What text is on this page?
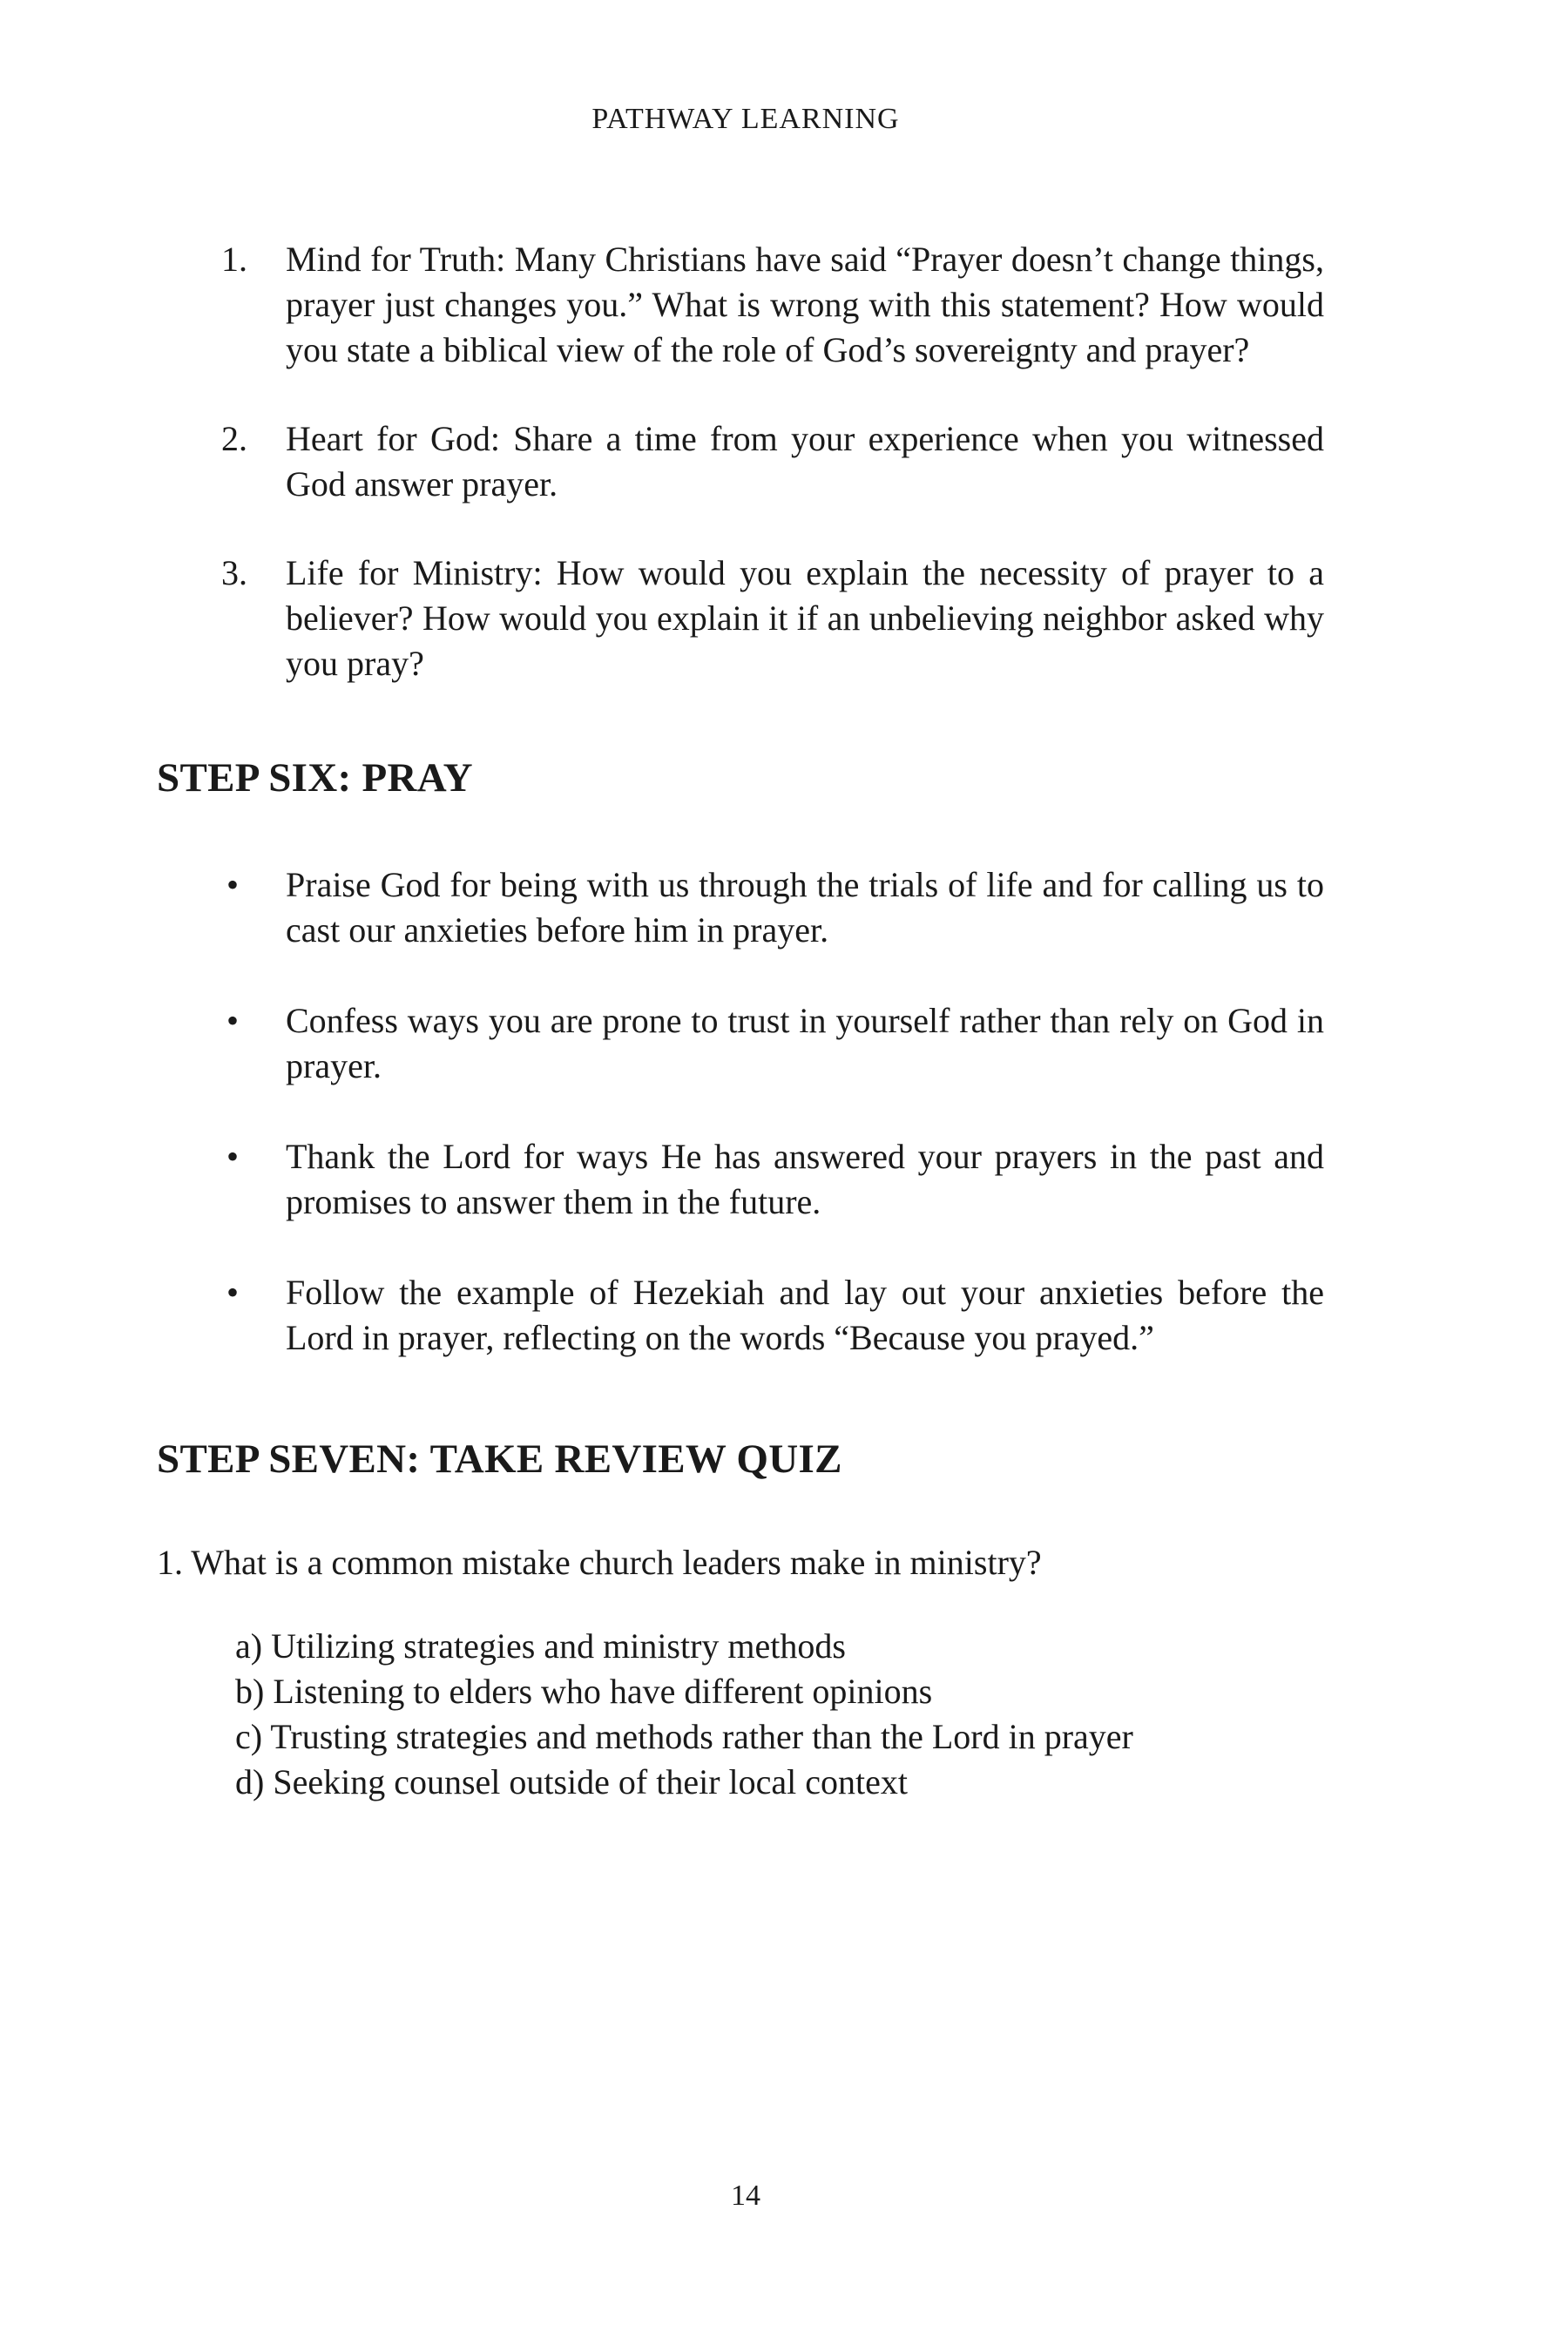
PATHWAY LEARNING
1. Mind for Truth: Many Christians have said “Prayer doesn’t change things, prayer just changes you.” What is wrong with this statement? How would you state a biblical view of the role of God’s sovereignty and prayer?
2. Heart for God: Share a time from your experience when you witnessed God answer prayer.
3. Life for Ministry: How would you explain the necessity of prayer to a believer? How would you explain it if an unbelieving neighbor asked why you pray?
STEP SIX: PRAY
• Praise God for being with us through the trials of life and for calling us to cast our anxieties before him in prayer.
• Confess ways you are prone to trust in yourself rather than rely on God in prayer.
• Thank the Lord for ways He has answered your prayers in the past and promises to answer them in the future.
• Follow the example of Hezekiah and lay out your anxieties before the Lord in prayer, reflecting on the words “Because you prayed.”
STEP SEVEN: TAKE REVIEW QUIZ

1. What is a common mistake church leaders make in ministry?

a) Utilizing strategies and ministry methods
b) Listening to elders who have different opinions
c) Trusting strategies and methods rather than the Lord in prayer
d) Seeking counsel outside of their local context
14
